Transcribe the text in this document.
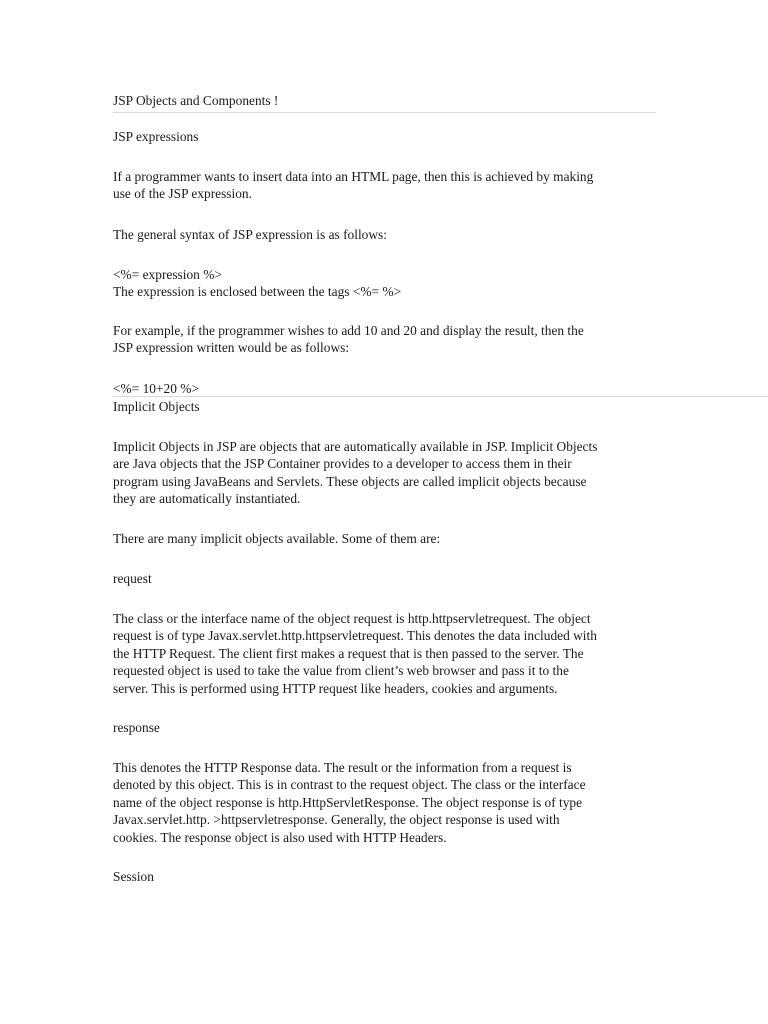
JSP Objects and Components !
JSP expressions
If a programmer wants to insert data into an HTML page, then this is achieved by making
use of the JSP expression.
The general syntax of JSP expression is as follows:
<%= expression %>
The expression is enclosed between the tags <%= %>
For example, if the programmer wishes to add 10 and 20 and display the result, then the
JSP expression written would be as follows:
<%= 10+20 %>
Implicit Objects
Implicit Objects in JSP are objects that are automatically available in JSP. Implicit Objects
are Java objects that the JSP Container provides to a developer to access them in their
program using JavaBeans and Servlets. These objects are called implicit objects because
they are automatically instantiated.
There are many implicit objects available. Some of them are:
request
The class or the interface name of the object request is http.httpservletrequest. The object
request is of type Javax.servlet.http.httpservletrequest. This denotes the data included with
the HTTP Request. The client first makes a request that is then passed to the server. The
requested object is used to take the value from client’s web browser and pass it to the
server. This is performed using HTTP request like headers, cookies and arguments.
response
This denotes the HTTP Response data. The result or the information from a request is
denoted by this object. This is in contrast to the request object. The class or the interface
name of the object response is http.HttpServletResponse. The object response is of type
Javax.servlet.http. >httpservletresponse. Generally, the object response is used with
cookies. The response object is also used with HTTP Headers.
Session
